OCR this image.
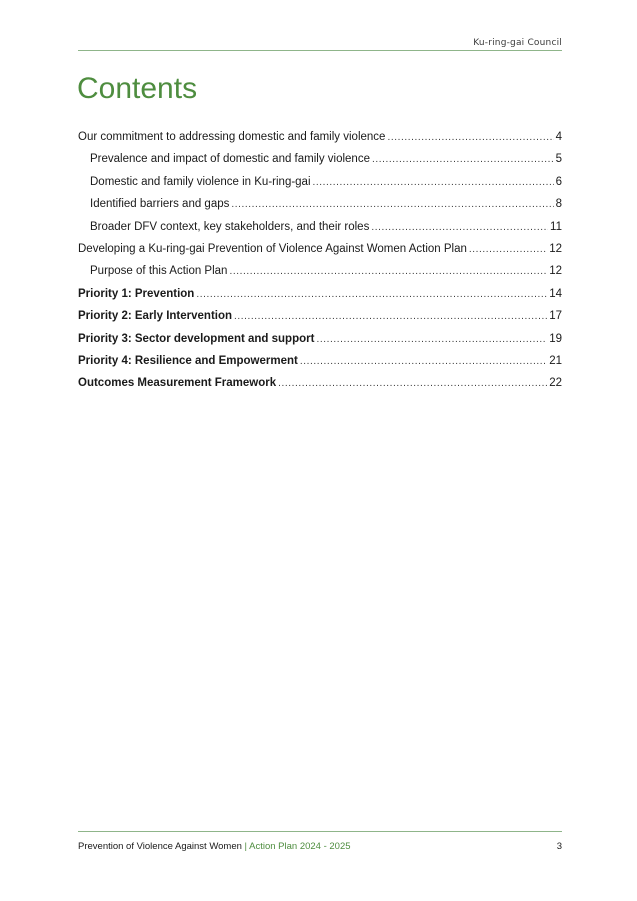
Ku-ring-gai Council
Contents
Our commitment to addressing domestic and family violence .....	4
Prevalence and impact of domestic and family violence .....	5
Domestic and family violence in Ku-ring-gai .....	6
Identified barriers and gaps .....	8
Broader DFV context, key stakeholders, and their roles .....	11
Developing a Ku-ring-gai Prevention of Violence Against Women Action Plan .....	12
Purpose of this Action Plan .....	12
Priority 1: Prevention .....	14
Priority 2: Early Intervention .....	17
Priority 3: Sector development and support .....	19
Priority 4: Resilience and Empowerment .....	21
Outcomes Measurement Framework .....	22
Prevention of Violence Against Women | Action Plan 2024 - 2025	3
